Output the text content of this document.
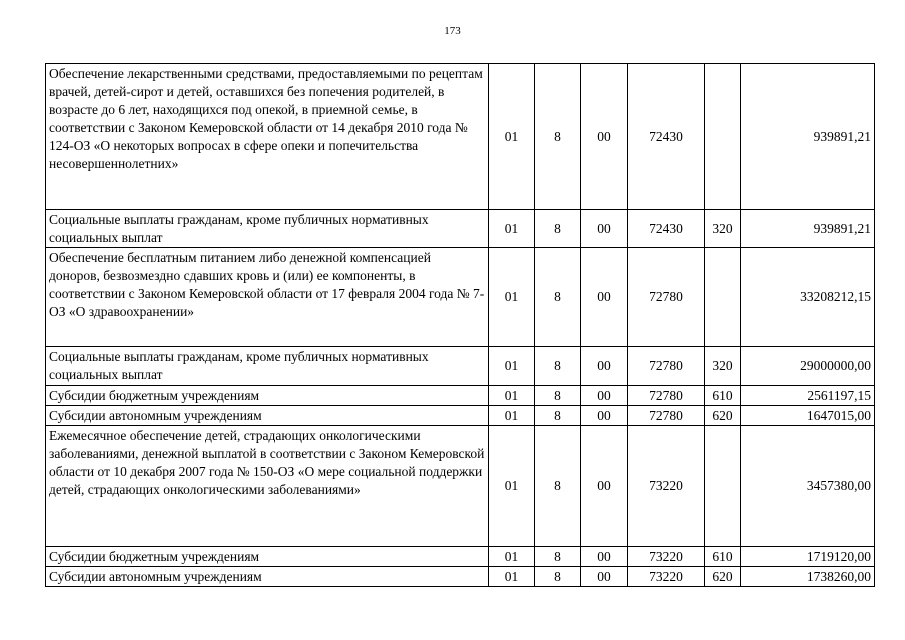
173
Обеспечение лекарственными средствами, предоставляемыми по рецептам врачей, детей-сирот и детей, оставшихся без попечения родителей, в возрасте до 6 лет, находящихся под опекой, в приемной семье, в соответствии с Законом Кемеровской области от 14 декабря 2010 года № 124-ОЗ «О некоторых вопросах в сфере опеки и попечительства несовершеннолетних»	01	8	00	72430		939891,21
Социальные выплаты гражданам, кроме публичных нормативных социальных выплат	01	8	00	72430	320	939891,21
Обеспечение бесплатным питанием либо денежной компенсацией доноров, безвозмездно сдавших кровь и (или) ее компоненты, в соответствии с Законом Кемеровской области от 17 февраля 2004 года № 7-ОЗ «О здравоохранении»	01	8	00	72780		33208212,15
Социальные выплаты гражданам, кроме публичных нормативных социальных выплат	01	8	00	72780	320	29000000,00
Субсидии бюджетным учреждениям	01	8	00	72780	610	2561197,15
Субсидии автономным учреждениям	01	8	00	72780	620	1647015,00
Ежемесячное обеспечение детей, страдающих онкологическими заболеваниями, денежной выплатой в соответствии с Законом Кемеровской области от 10 декабря 2007 года № 150-ОЗ «О мере социальной поддержки детей, страдающих онкологическими заболеваниями»	01	8	00	73220		3457380,00
Субсидии бюджетным учреждениям	01	8	00	73220	610	1719120,00
Субсидии автономным учреждениям	01	8	00	73220	620	1738260,00
